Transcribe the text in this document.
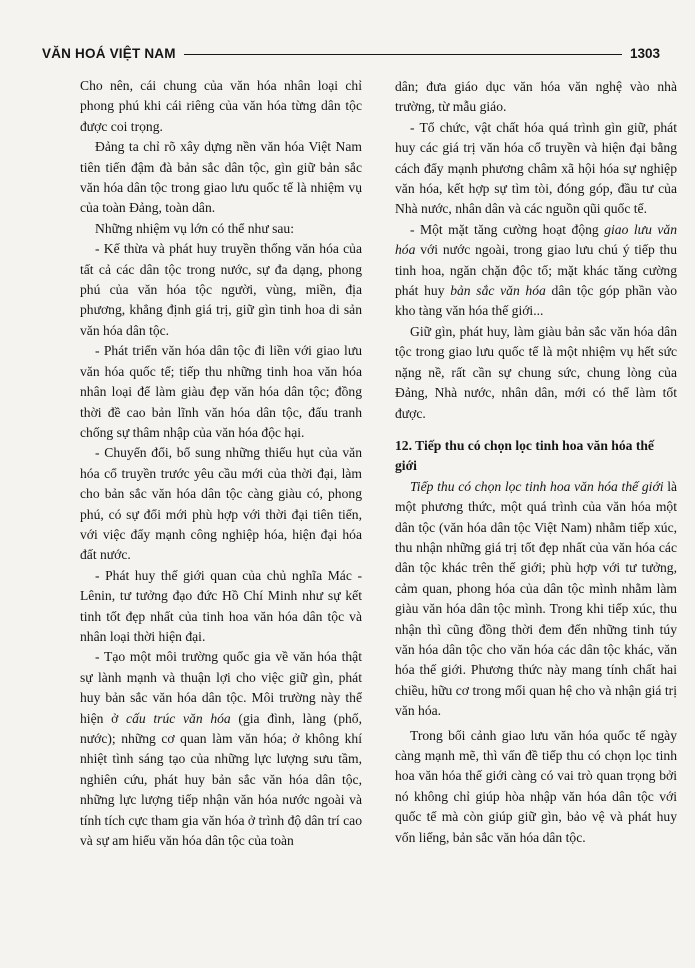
VĂN HOÁ VIỆT NAM	1303

Cho nên, cái chung của văn hóa nhân loại chỉ phong phú khi cái riêng của văn hóa từng dân tộc được coi trọng.

Đảng ta chỉ rõ xây dựng nền văn hóa Việt Nam tiên tiến đậm đà bản sắc dân tộc, gìn giữ bản sắc văn hóa dân tộc trong giao lưu quốc tế là nhiệm vụ của toàn Đảng, toàn dân.

Những nhiệm vụ lớn có thể như sau:

- Kế thừa và phát huy truyền thống văn hóa của tất cả các dân tộc trong nước, sự đa dạng, phong phú của văn hóa tộc người, vùng, miền, địa phương, khẳng định giá trị, giữ gìn tinh hoa di sản văn hóa dân tộc.

- Phát triển văn hóa dân tộc đi liền với giao lưu văn hóa quốc tế; tiếp thu những tinh hoa văn hóa nhân loại để làm giàu đẹp văn hóa dân tộc; đồng thời đề cao bản lĩnh văn hóa dân tộc, đấu tranh chống sự thâm nhập của văn hóa độc hại.

- Chuyển đổi, bổ sung những thiếu hụt của văn hóa cổ truyền trước yêu cầu mới của thời đại, làm cho bản sắc văn hóa dân tộc càng giàu có, phong phú, có sự đổi mới phù hợp với thời đại tiên tiến, với việc đẩy mạnh công nghiệp hóa, hiện đại hóa đất nước.

- Phát huy thế giới quan của chủ nghĩa Mác - Lênin, tư tưởng đạo đức Hồ Chí Minh như sự kết tinh tốt đẹp nhất của tinh hoa văn hóa dân tộc và nhân loại thời hiện đại.

- Tạo một môi trường quốc gia về văn hóa thật sự lành mạnh và thuận lợi cho việc giữ gìn, phát huy bản sắc văn hóa dân tộc. Môi trường này thể hiện ở cấu trúc văn hóa (gia đình, làng (phố, nước); những cơ quan làm văn hóa; ở không khí nhiệt tình sáng tạo của những lực lượng sưu tầm, nghiên cứu, phát huy bản sắc văn hóa dân tộc, những lực lượng tiếp nhận văn hóa nước ngoài và tính tích cực tham gia văn hóa ở trình độ dân trí cao và sự am hiểu văn hóa dân tộc của toàn

dân; đưa giáo dục văn hóa văn nghệ vào nhà trường, từ mẫu giáo.

- Tổ chức, vật chất hóa quá trình gìn giữ, phát huy các giá trị văn hóa cổ truyền và hiện đại bằng cách đẩy mạnh phương châm xã hội hóa sự nghiệp văn hóa, kết hợp sự tìm tòi, đóng góp, đầu tư của Nhà nước, nhân dân và các nguồn qũi quốc tế.

- Một mặt tăng cường hoạt động giao lưu văn hóa với nước ngoài, trong giao lưu chú ý tiếp thu tinh hoa, ngăn chặn độc tố; mặt khác tăng cường phát huy bản sắc văn hóa dân tộc góp phần vào kho tàng văn hóa thế giới...

Giữ gìn, phát huy, làm giàu bản sắc văn hóa dân tộc trong giao lưu quốc tế là một nhiệm vụ hết sức nặng nề, rất cần sự chung sức, chung lòng của Đảng, Nhà nước, nhân dân, mới có thể làm tốt được.

12. Tiếp thu có chọn lọc tinh hoa văn hóa thế giới

Tiếp thu có chọn lọc tinh hoa văn hóa thế giới là một phương thức, một quá trình của văn hóa một dân tộc (văn hóa dân tộc Việt Nam) nhằm tiếp xúc, thu nhận những giá trị tốt đẹp nhất của văn hóa các dân tộc khác trên thế giới; phù hợp với tư tưởng, cảm quan, phong hóa của dân tộc mình nhằm làm giàu văn hóa dân tộc mình. Trong khi tiếp xúc, thu nhận thì cũng đồng thời đem đến những tinh túy văn hóa dân tộc cho văn hóa các dân tộc khác, văn hóa thế giới. Phương thức này mang tính chất hai chiều, hữu cơ trong mối quan hệ cho và nhận giá trị văn hóa.

Trong bối cảnh giao lưu văn hóa quốc tế ngày càng mạnh mẽ, thì vấn đề tiếp thu có chọn lọc tinh hoa văn hóa thế giới càng có vai trò quan trọng bởi nó không chỉ giúp hòa nhập văn hóa dân tộc với quốc tế mà còn giúp giữ gìn, bảo vệ và phát huy vốn liếng, bản sắc văn hóa dân tộc.
